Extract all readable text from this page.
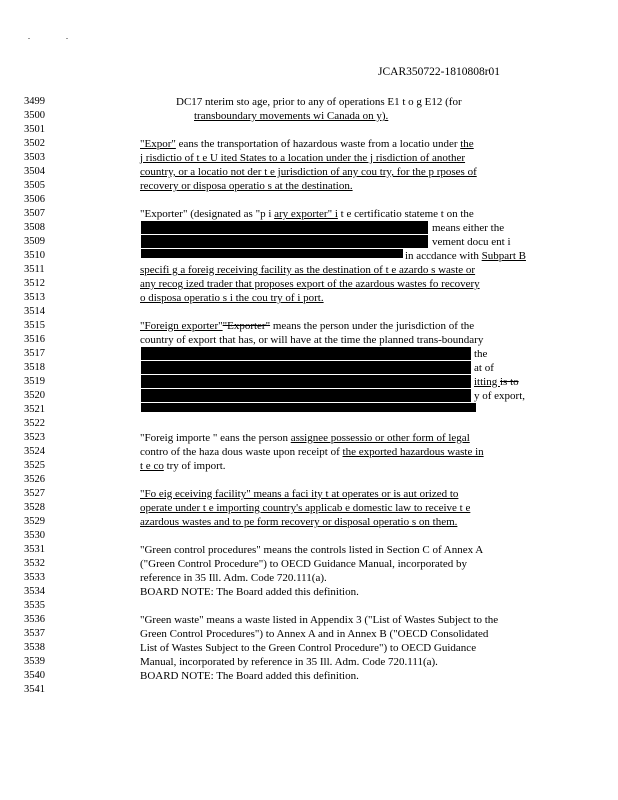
JCAR350722-1810808r01
3499
3500
3501
3502
3503
3504
3505
3506
3507
3508
3509
3510
3511
3512
3513
3514
3515
3516
3517
3518
3519
3520
3521
3522
3523
3524
3525
3526
3527
3528
3529
3530
3531
3532
3533
3534
3535
3536
3537
3538
3539
3540
3541
DC17 nterim sto age, prior to any of operations E1 t o g E12 (for
transboundary movements wi Canada on y).
"Expor" eans the transportation of hazardous waste from a locatio under the
j risdictio of t e U ited States to a location under the j risdiction of another
country, or a locatio not der t e jurisdiction of any cou try, for the p rposes of
recovery or disposa operatio s at the destination.
"Exporter" (designated as "p i ary exporter" i t e certificatio stateme t on the
means either the
vement docu ent i
in accdance with Subpart B
specifi g a foreig receiving facility as the destination of t e azardo s waste or
any recog ized trader that proposes export of the azardous wastes fo recovery
o disposa operatio s i the cou try of i port.
"Foreign exporter""Exporter" means the person under the jurisdiction of the
country of export that has, or will have at the time the planned trans-boundary
the
at of
itting is to
y of export,
"Foreig importe " eans the person assignee possessio or other form of legal
contro of the haza dous waste upon receipt of the exported hazardous waste in
t e co try of import.
"Fo eig eceiving facility" means a faci ity t at operates or is aut orized to
operate under t e importing country's applicab e domestic law to receive t e
azardous wastes and to pe form recovery or disposal operatio s on them.
"Green control procedures" means the controls listed in Section C of Annex A
("Green Control Procedure") to OECD Guidance Manual, incorporated by
reference in 35 Ill. Adm. Code 720.111(a).
BOARD NOTE: The Board added this definition.
"Green waste" means a waste listed in Appendix 3 ("List of Wastes Subject to the
Green Control Procedures") to Annex A and in Annex B ("OECD Consolidated
List of Wastes Subject to the Green Control Procedure") to OECD Guidance
Manual, incorporated by reference in 35 Ill. Adm. Code 720.111(a).
BOARD NOTE: The Board added this definition.
